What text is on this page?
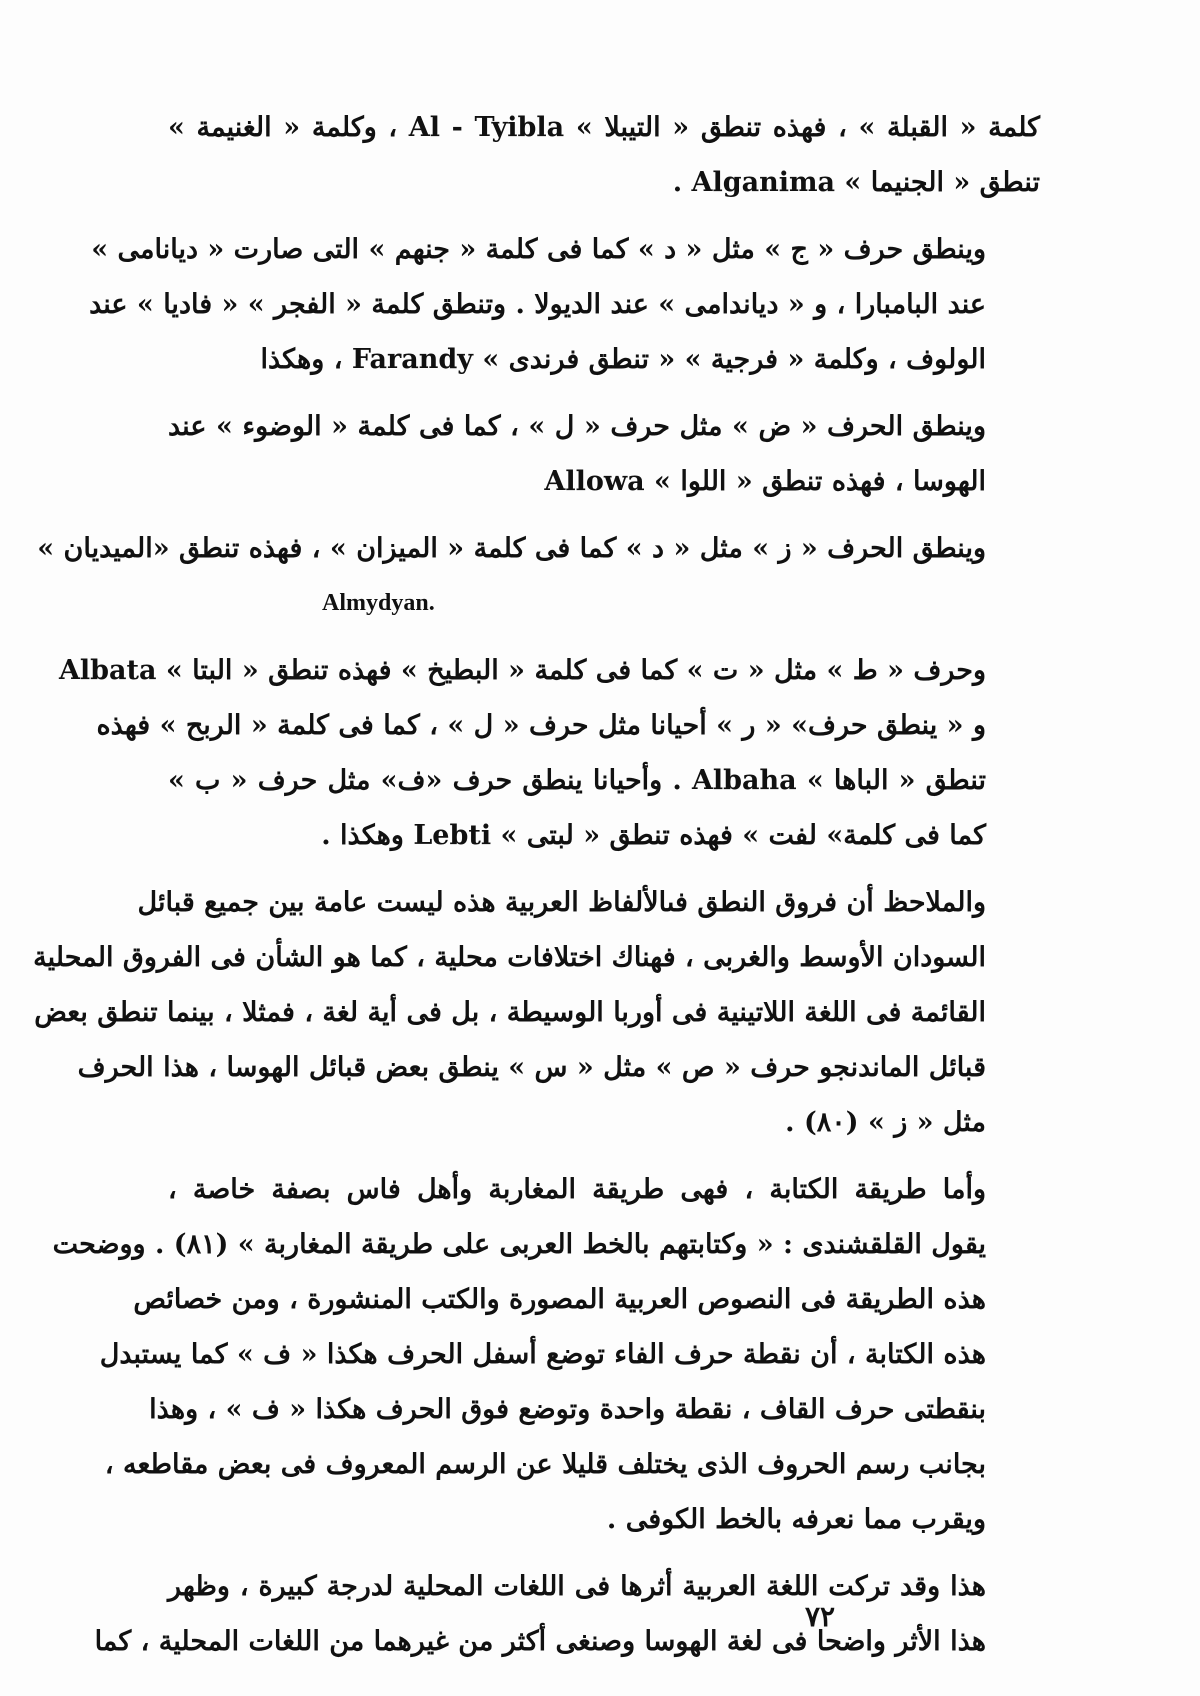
كلمة « القبلة » ، فهذه تنطق « التيبلا » Al - Tyibla ، وكلمة « الغنيمة »
تنطق « الجنيما » Alganima .

وينطق حرف « ج » مثل « د » كما فى كلمة « جنهم » التى صارت « ديانامى »
عند البامبارا ، و « دياندامى » عند الديولا . وتنطق كلمة « الفجر » « فاديا » عند
الولوف ، وكلمة « فرجية » « تنطق فرندى » Farandy ، وهكذا

وينطق الحرف « ض » مثل حرف « ل » ، كما فى كلمة « الوضوء » عند
الهوسا ، فهذه تنطق « اللوا » Allowa

وينطق الحرف « ز » مثل « د » كما فى كلمة « الميزان » ، فهذه تنطق «الميديان »
Almydyan.

وحرف « ط » مثل « ت » كما فى كلمة « البطيخ » فهذه تنطق « البتا » Albata
و « ينطق حرف» « ر » أحيانا مثل حرف « ل » ، كما فى كلمة « الربح » فهذه
تنطق « الباها » Albaha . وأحيانا ينطق حرف «ف» مثل حرف « ب »
كما فى كلمة» لفت » فهذه تنطق « لبتى » Lebti وهكذا .

والملاحظ أن فروق النطق فىالألفاظ العربية هذه ليست عامة بين جميع قبائل
السودان الأوسط والغربى ، فهناك اختلافات محلية ، كما هو الشأن فى الفروق المحلية
القائمة فى اللغة اللاتينية فى أوربا الوسيطة ، بل فى أية لغة ، فمثلا ، بينما تنطق بعض
قبائل الماندنجو حرف « ص » مثل « س » ينطق بعض قبائل الهوسا ، هذا الحرف
مثل « ز » (٨٠) .

وأما طريقة الكتابة ، فهى طريقة المغاربة وأهل فاس بصفة خاصة ،
يقول القلقشندى : « وكتابتهم بالخط العربى على طريقة المغاربة » (٨١) . ووضحت
هذه الطريقة فى النصوص العربية المصورة والكتب المنشورة ، ومن خصائص
هذه الكتابة ، أن نقطة حرف الفاء توضع أسفل الحرف هكذا « ف » كما يستبدل
بنقطتى حرف القاف ، نقطة واحدة وتوضع فوق الحرف هكذا « ف » ، وهذا
بجانب رسم الحروف الذى يختلف قليلا عن الرسم المعروف فى بعض مقاطعه ،
ويقرب مما نعرفه بالخط الكوفى .

هذا وقد تركت اللغة العربية أثرها فى اللغات المحلية لدرجة كبيرة ، وظهر
هذا الأثر واضحا فى لغة الهوسا وصنغى أكثر من غيرهما من اللغات المحلية ، كما

٧٢
